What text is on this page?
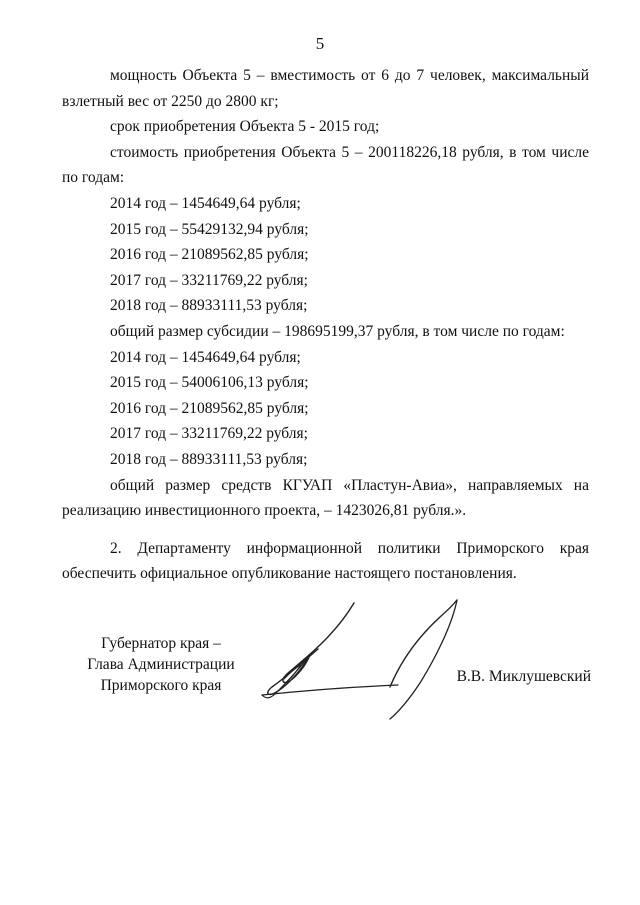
5

мощность Объекта 5 – вместимость от 6 до 7 человек, максимальный взлетный вес от 2250 до 2800 кг;

срок приобретения Объекта 5 - 2015 год;

стоимость приобретения Объекта 5 – 200118226,18 рубля, в том числе по годам:

2014 год – 1454649,64 рубля;

2015 год – 55429132,94 рубля;

2016 год – 21089562,85 рубля;

2017 год – 33211769,22 рубля;

2018 год – 88933111,53 рубля;

общий размер субсидии – 198695199,37 рубля, в том числе по годам:

2014 год – 1454649,64 рубля;

2015 год – 54006106,13 рубля;

2016 год – 21089562,85 рубля;

2017 год – 33211769,22 рубля;

2018 год – 88933111,53 рубля;

общий размер средств КГУАП «Пластун-Авиа», направляемых на реализацию инвестиционного проекта, – 1423026,81 рубля.».

2. Департаменту информационной политики Приморского края обеспечить официальное опубликование настоящего постановления.

Губернатор края –
Глава Администрации
Приморского края
В.В. Миклушевский
